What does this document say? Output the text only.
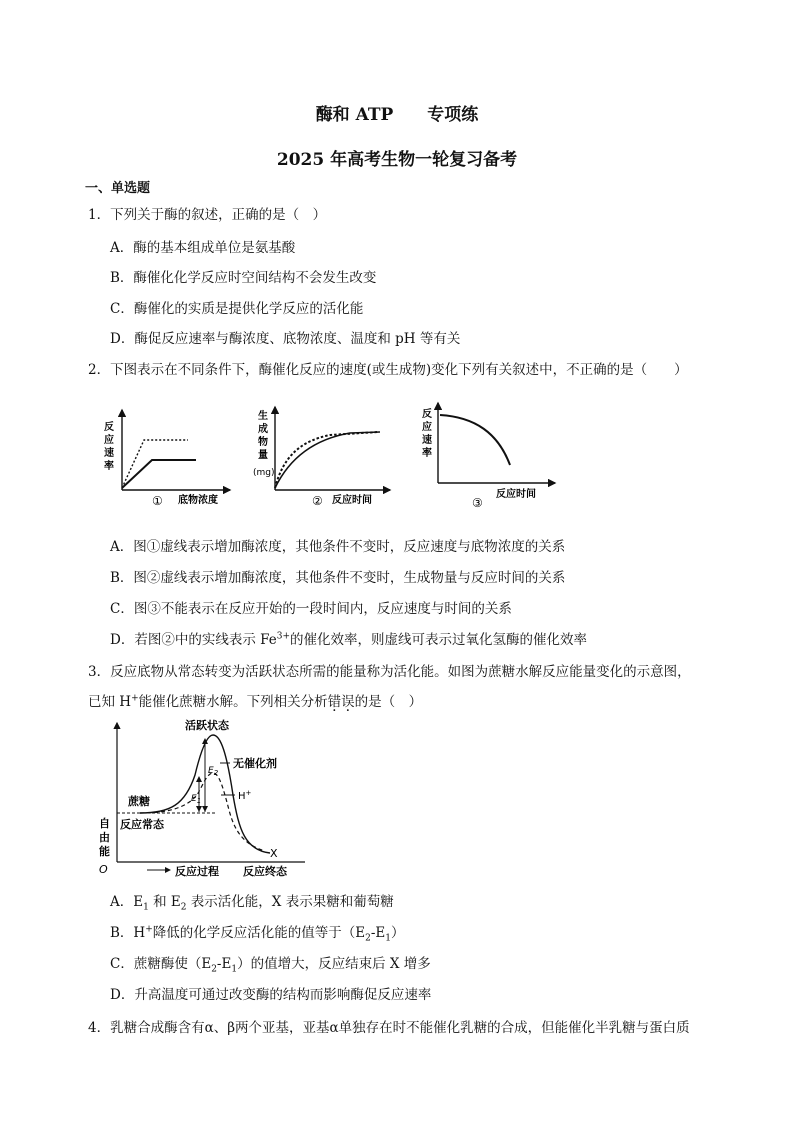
酶和 ATP　　专项练
2025 年高考生物一轮复习备考
一、单选题
1．下列关于酶的叙述，正确的是（　）
A．酶的基本组成单位是氨基酸
B．酶催化化学反应时空间结构不会发生改变
C．酶催化的实质是提供化学反应的活化能
D．酶促反应速率与酶浓度、底物浓度、温度和 pH 等有关
2．下图表示在不同条件下，酶催化反应的速度(或生成物)变化下列有关叙述中，不正确的是（　　）
反
应
速
率
① 底物浓度
生
成
物
量
(mg)
② 反应时间
反
应
速
率
③
反应时间
A．图①虚线表示增加酶浓度，其他条件不变时，反应速度与底物浓度的关系
B．图②虚线表示增加酶浓度，其他条件不变时，生成物量与反应时间的关系
C．图③不能表示在反应开始的一段时间内，反应速度与时间的关系
D．若图②中的实线表示 $Fe^{3+}$的催化效率，则虚线可表示过氧化氢酶的催化效率
3．反应底物从常态转变为活跃状态所需的能量称为活化能。如图为蔗糖水解反应能量变化的示意图，
已知 H+能催化蔗糖水解。下列相关分析错误的是（　）
活跃状态
无催化剂
H+
$E_2$
$E_1$
蔗糖
反应常态
自
由
能	X
O	反应过程 反应终态
A．$E_1$ 和 $E_2$ 表示活化能，X 表示果糖和葡萄糖
B．H+降低的化学反应活化能的值等于$(E_2-E_1)$
C．蔗糖酶使$(E_2-E_1)$的值增大，反应结束后 X 增多
D．升高温度可通过改变酶的结构而影响酶促反应速率
4．乳糖合成酶含有α、β两个亚基，亚基α单独存在时不能催化乳糖的合成，但能催化半乳糖与蛋白质
